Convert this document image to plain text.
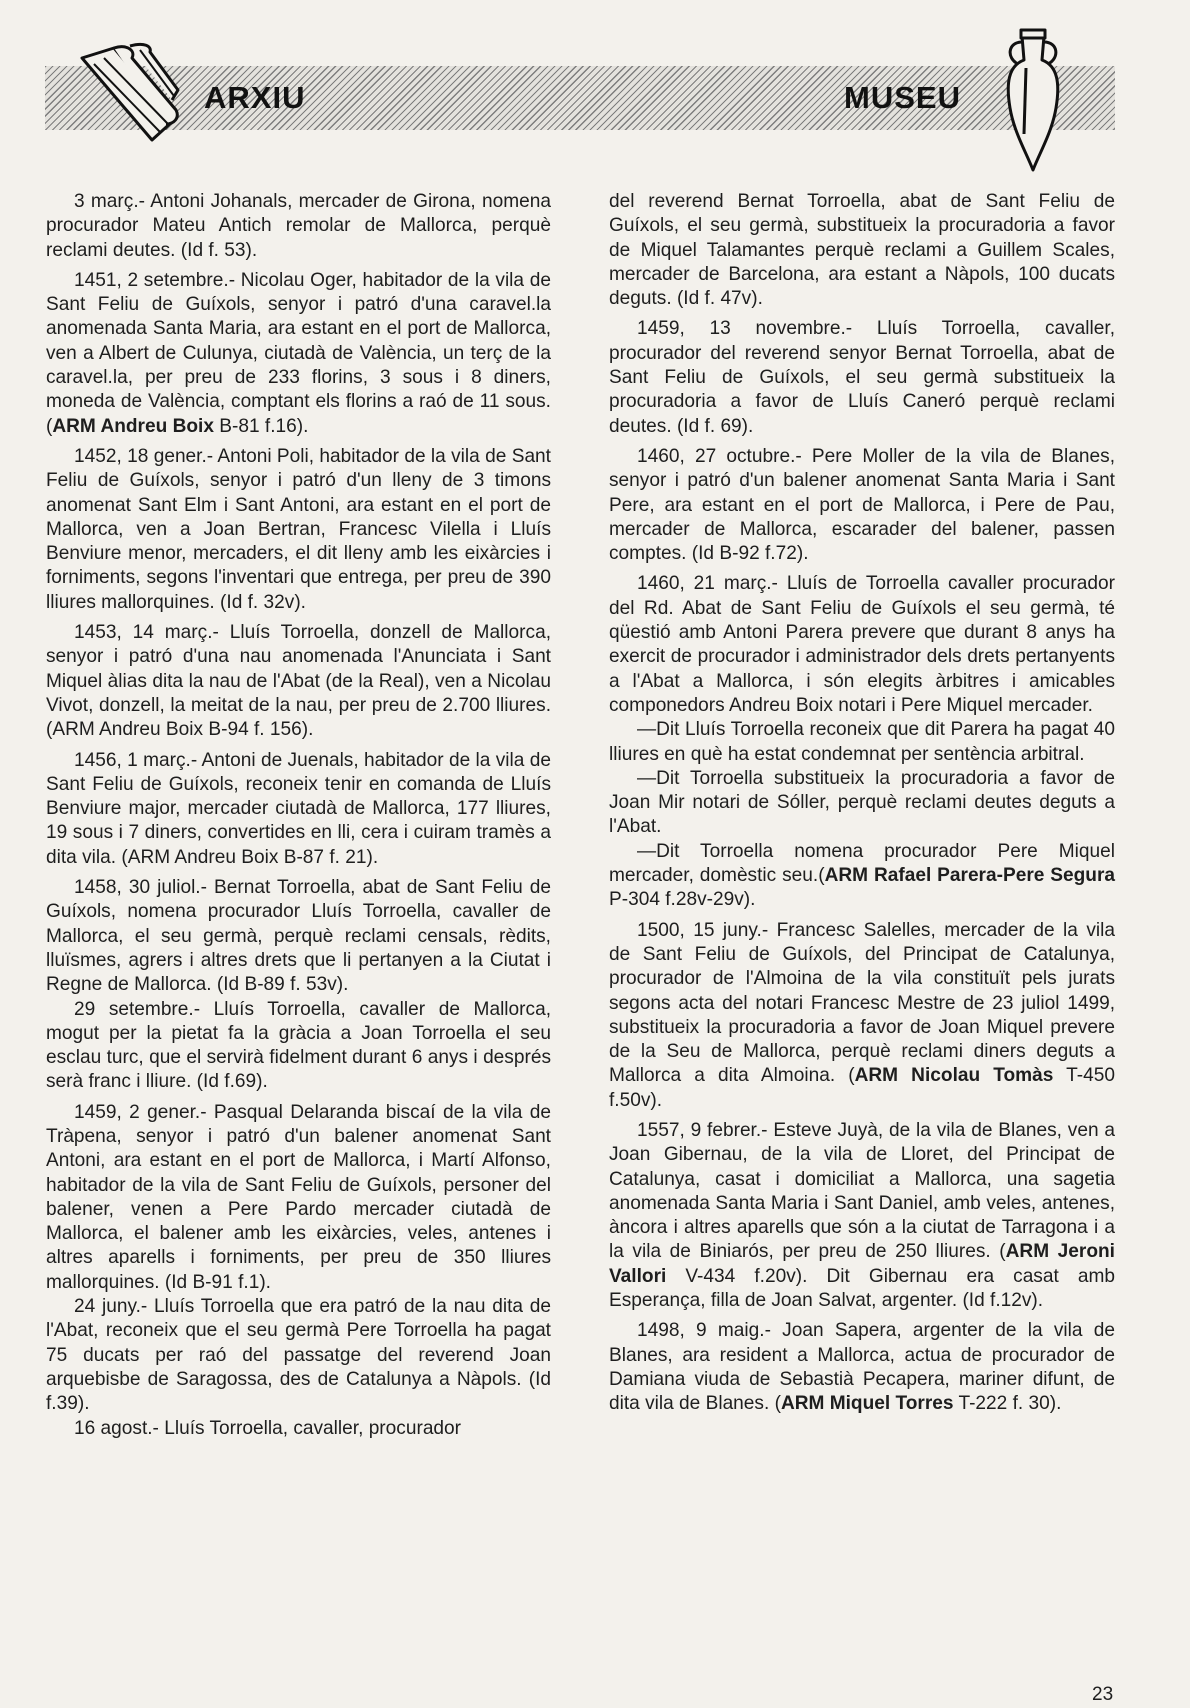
ARXIU	MUSEU

3 març.- Antoni Johanals, mercader de Girona, nomena procurador Mateu Antich remolar de Mallorca, perquè reclami deutes. (Id f. 53).

1451, 2 setembre.- Nicolau Oger, habitador de la vila de Sant Feliu de Guíxols, senyor i patró d'una caravel.la anomenada Santa Maria, ara estant en el port de Mallorca, ven a Albert de Culunya, ciutadà de València, un terç de la caravel.la, per preu de 233 florins, 3 sous i 8 diners, moneda de València, comptant els florins a raó de 11 sous. (ARM Andreu Boix B-81 f.16).

1452, 18 gener.- Antoni Poli, habitador de la vila de Sant Feliu de Guíxols, senyor i patró d'un lleny de 3 timons anomenat Sant Elm i Sant Antoni, ara estant en el port de Mallorca, ven a Joan Bertran, Francesc Vilella i Lluís Benviure menor, mercaders, el dit lleny amb les eixàrcies i forniments, segons l'inventari que entrega, per preu de 390 lliures mallorquines. (Id f. 32v).

1453, 14 març.- Lluís Torroella, donzell de Mallorca, senyor i patró d'una nau anomenada l'Anunciata i Sant Miquel àlias dita la nau de l'Abat (de la Real), ven a Nicolau Vivot, donzell, la meitat de la nau, per preu de 2.700 lliures. (ARM Andreu Boix B-94 f. 156).

1456, 1 març.- Antoni de Juenals, habitador de la vila de Sant Feliu de Guíxols, reconeix tenir en comanda de Lluís Benviure major, mercader ciutadà de Mallorca, 177 lliures, 19 sous i 7 diners, convertides en lli, cera i cuiram tramès a dita vila. (ARM Andreu Boix B-87 f. 21).

1458, 30 juliol.- Bernat Torroella, abat de Sant Feliu de Guíxols, nomena procurador Lluís Torroella, cavaller de Mallorca, el seu germà, perquè reclami censals, rèdits, lluïsmes, agrers i altres drets que li pertanyen a la Ciutat i Regne de Mallorca. (Id B-89 f. 53v).

29 setembre.- Lluís Torroella, cavaller de Mallorca, mogut per la pietat fa la gràcia a Joan Torroella el seu esclau turc, que el servirà fidelment durant 6 anys i després serà franc i lliure. (Id f.69).

1459, 2 gener.- Pasqual Delaranda biscaí de la vila de Tràpena, senyor i patró d'un balener anomenat Sant Antoni, ara estant en el port de Mallorca, i Martí Alfonso, habitador de la vila de Sant Feliu de Guíxols, personer del balener, venen a Pere Pardo mercader ciutadà de Mallorca, el balener amb les eixàrcies, veles, antenes i altres aparells i forniments, per preu de 350 lliures mallorquines. (Id B-91 f.1).

24 juny.- Lluís Torroella que era patró de la nau dita de l'Abat, reconeix que el seu germà Pere Torroella ha pagat 75 ducats per raó del passatge del reverend Joan arquebisbe de Saragossa, des de Catalunya a Nàpols. (Id f.39).

16 agost.- Lluís Torroella, cavaller, procurador

del reverend Bernat Torroella, abat de Sant Feliu de Guíxols, el seu germà, substitueix la procuradoria a favor de Miquel Talamantes perquè reclami a Guillem Scales, mercader de Barcelona, ara estant a Nàpols, 100 ducats deguts. (Id f. 47v).

1459, 13 novembre.- Lluís Torroella, cavaller, procurador del reverend senyor Bernat Torroella, abat de Sant Feliu de Guíxols, el seu germà substitueix la procuradoria a favor de Lluís Caneró perquè reclami deutes. (Id f. 69).

1460, 27 octubre.- Pere Moller de la vila de Blanes, senyor i patró d'un balener anomenat Santa Maria i Sant Pere, ara estant en el port de Mallorca, i Pere de Pau, mercader de Mallorca, escarader del balener, passen comptes. (Id B-92 f.72).

1460, 21 març.- Lluís de Torroella cavaller procurador del Rd. Abat de Sant Feliu de Guíxols el seu germà, té qüestió amb Antoni Parera prevere que durant 8 anys ha exercit de procurador i administrador dels drets pertanyents a l'Abat a Mallorca, i són elegits àrbitres i amicables componedors Andreu Boix notari i Pere Miquel mercader.

—Dit Lluís Torroella reconeix que dit Parera ha pagat 40 lliures en què ha estat condemnat per sentència arbitral.

—Dit Torroella substitueix la procuradoria a favor de Joan Mir notari de Sóller, perquè reclami deutes deguts a l'Abat.

—Dit Torroella nomena procurador Pere Miquel mercader, domèstic seu.(ARM Rafael Parera-Pere Segura P-304 f.28v-29v).

1500, 15 juny.- Francesc Salelles, mercader de la vila de Sant Feliu de Guíxols, del Principat de Catalunya, procurador de l'Almoina de la vila constituït pels jurats segons acta del notari Francesc Mestre de 23 juliol 1499, substitueix la procuradoria a favor de Joan Miquel prevere de la Seu de Mallorca, perquè reclami diners deguts a Mallorca a dita Almoina. (ARM Nicolau Tomàs T-450 f.50v).

1557, 9 febrer.- Esteve Juyà, de la vila de Blanes, ven a Joan Gibernau, de la vila de Lloret, del Principat de Catalunya, casat i domiciliat a Mallorca, una sagetia anomenada Santa Maria i Sant Daniel, amb veles, antenes, àncora i altres aparells que són a la ciutat de Tarragona i a la vila de Biniarós, per preu de 250 lliures. (ARM Jeroni Vallori V-434 f.20v). Dit Gibernau era casat amb Esperança, filla de Joan Salvat, argenter. (Id f.12v).

1498, 9 maig.- Joan Sapera, argenter de la vila de Blanes, ara resident a Mallorca, actua de procurador de Damiana viuda de Sebastià Pecapera, mariner difunt, de dita vila de Blanes. (ARM Miquel Torres T-222 f. 30).

23
